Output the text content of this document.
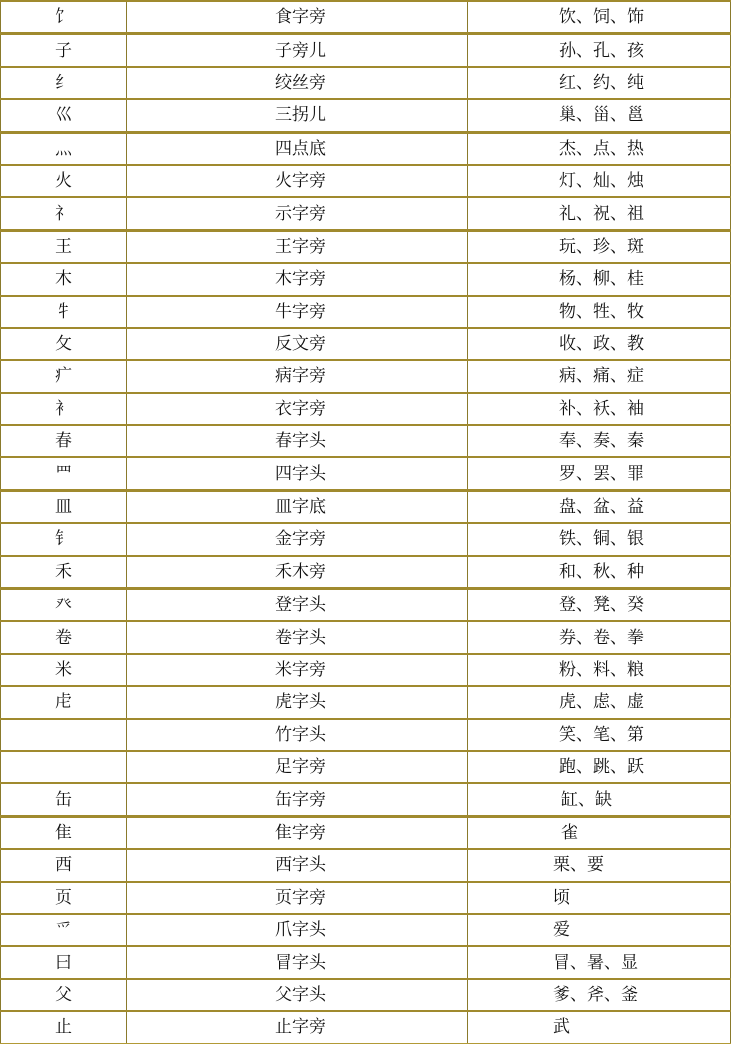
饣	食字旁	饮、饲、饰
子	子旁儿	孙、孔、孩
纟	绞丝旁	红、约、纯
巛	三拐儿	巢、甾、邕
灬	四点底	杰、点、热
火	火字旁	灯、灿、烛
礻	示字旁	礼、祝、祖
王	王字旁	玩、珍、斑
木	木字旁	杨、柳、桂
牜	牛字旁	物、牲、牧
攵	反文旁	收、政、教
疒	病字旁	病、痛、症
衤	衣字旁	补、袄、袖
春	春字头	奉、奏、秦
罒	四字头	罗、罢、罪
皿	皿字底	盘、盆、益
钅	金字旁	铁、铜、银
禾	禾木旁	和、秋、种
癶	登字头	登、凳、癸
卷	卷字头	券、卷、拳
米	米字旁	粉、料、粮
虍	虎字头	虎、虑、虚
	竹字头	笑、笔、第
	足字旁	跑、跳、跃
缶	缶字旁	缸、缺
隹	隹字旁	雀
西	西字头	栗、要
页	页字旁	顷
爫	爪字头	爱
曰	冒字头	冒、暑、显
父	父字头	爹、斧、釜
止	止字旁	武
